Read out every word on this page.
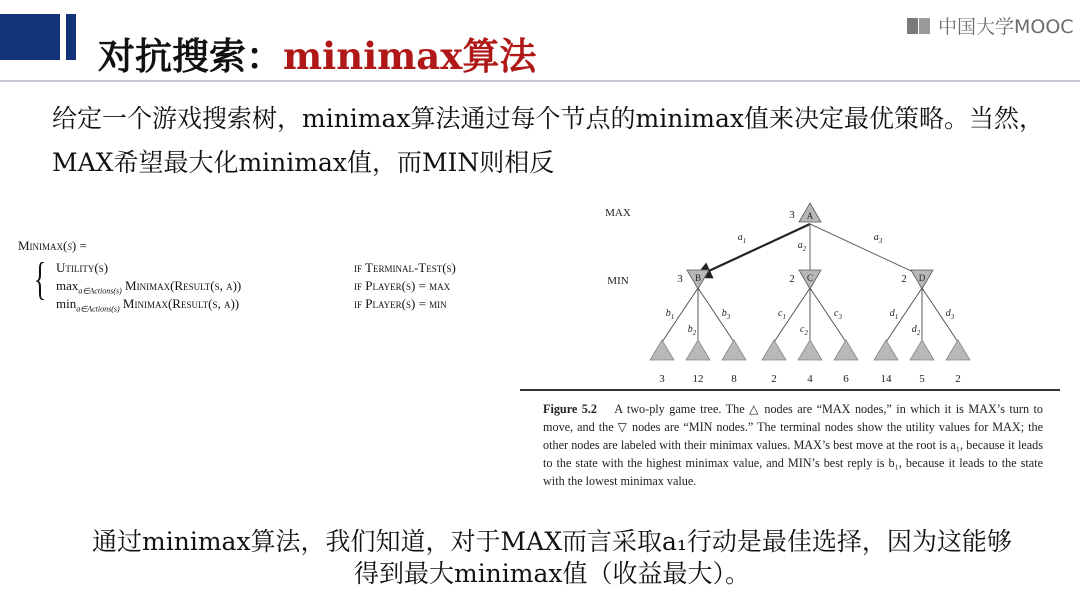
对抗搜索：minimax算法
中国大学MOOC
给定一个游戏搜索树，minimax算法通过每个节点的minimax值来决定最优策略。当然，MAX希望最大化minimax值，而MIN则相反
Minimax(s) =
{ Utility(s)	if Terminal-Test(s)
$\max_{a\in Actions(s)}$ Minimax(Result(s, a))	if Player(s) = max
$\min_{a\in Actions(s)}$ Minimax(Result(s, a))	if Player(s) = min
MAX
MIN
$a_1$
$b_1$
3
$b_2$
12
$b_3$
8
B
3
$a_2$
$c_1$
2
$c_2$
4
$c_3$
6
C
2
$a_3$
$d_1$
14
$d_2$
5
$d_3$
2
D
2
A
3
Figure 5.2 A two-ply game tree. The △ nodes are “MAX nodes,” in which it is MAX’s turn to move, and the ▽ nodes are “MIN nodes.” The terminal nodes show the utility values for MAX; the other nodes are labeled with their minimax values. MAX’s best move at the root is a₁, because it leads to the state with the highest minimax value, and MIN’s best reply is b₁, because it leads to the state with the lowest minimax value.
通过minimax算法，我们知道，对于MAX而言采取a₁行动是最佳选择，因为这能够
得到最大minimax值（收益最大）。
